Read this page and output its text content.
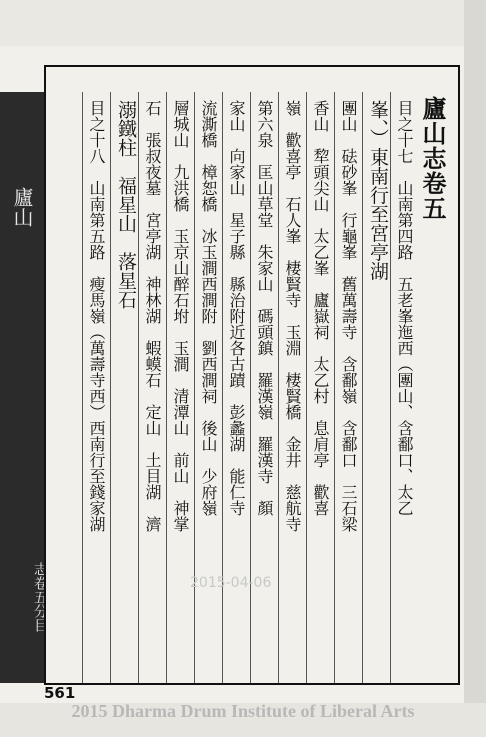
廬山
志卷五分目
廬山志卷五
目之十七　山南第四路　五老峯迤西（團山、含鄱口、太乙
峯、）東南行至宮亭湖
團山　砝砂峯　行龜峯　舊萬壽寺　含鄱嶺　含鄱口　三石梁
香山　犂頭尖山　太乙峯　廬嶽祠　太乙村　息肩亭　歡喜
嶺　歡喜亭　石人峯　棲賢寺　玉淵　棲賢橋　金井　慈航寺
第六泉　匡山草堂　朱家山　碼頭鎮　羅漢嶺　羅漢寺　顏
家山　向家山　星子縣　縣治附近各古蹟　彭蠡湖　能仁寺
流澌橋　樟恕橋　冰玉澗西澗附　劉西澗祠　後山　少府嶺
層城山　九洪橋　玉京山醉石坿　玉澗　清潭山　前山　神掌
石　張叔夜墓　宮亭湖　神林湖　蝦蟆石　定山　土目湖　濟
溺鐵柱　福星山　落星石
目之十八　山南第五路　瘦馬嶺（萬壽寺西）西南行至錢家湖
2015-04-06
561
2015 Dharma Drum Institute of Liberal Arts
